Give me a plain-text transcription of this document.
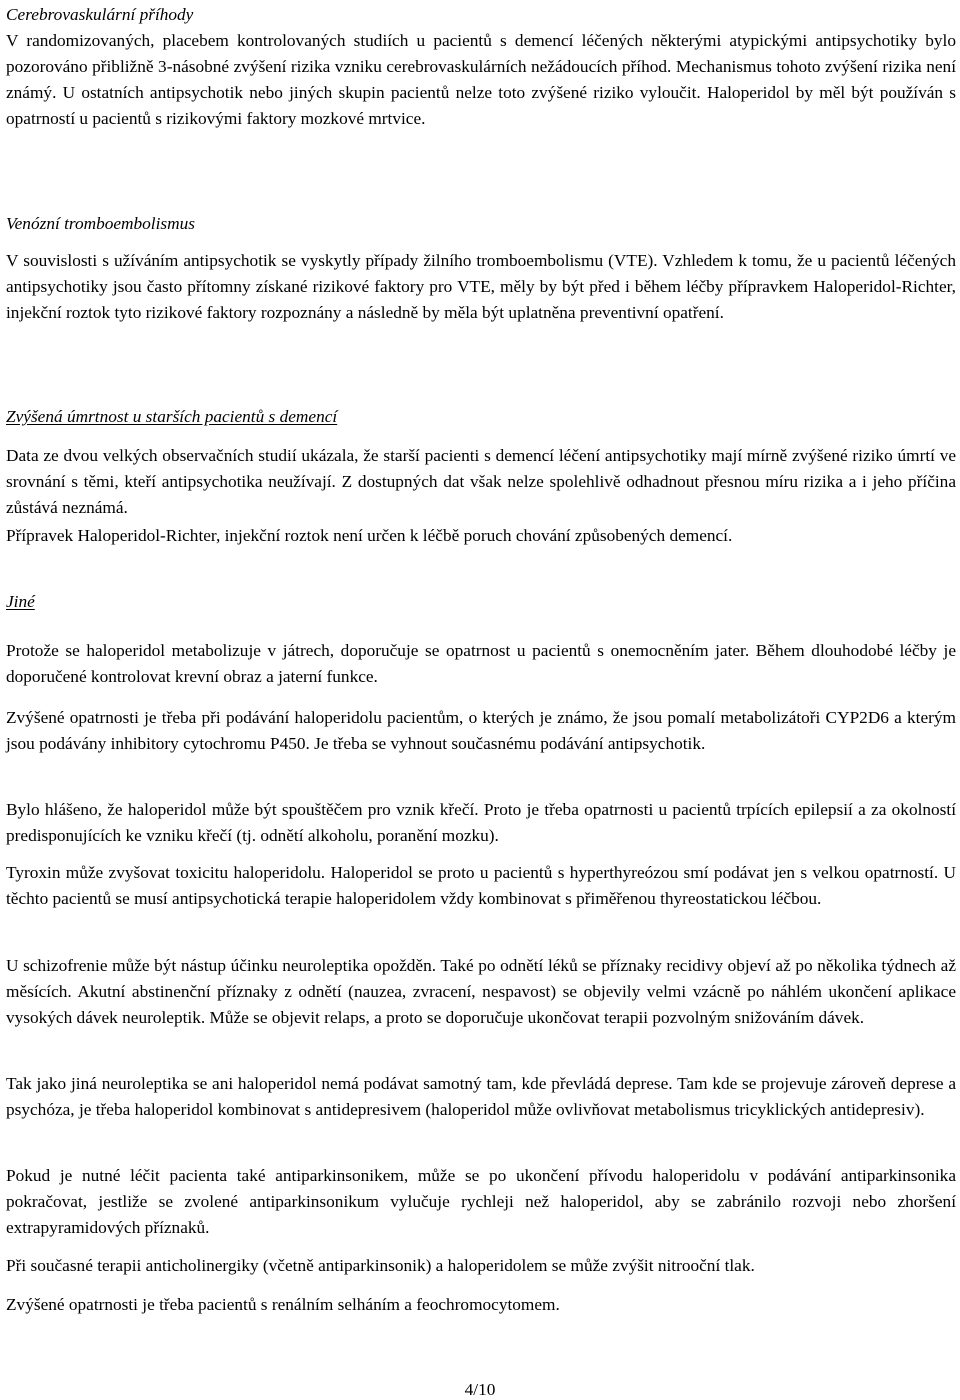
Cerebrovaskulární příhody

V randomizovaných, placebem kontrolovaných studiích u pacientů s demencí léčených některými atypickými antipsychotiky bylo pozorováno přibližně 3-násobné zvýšení rizika vzniku cerebrovaskulárních nežádoucích příhod. Mechanismus tohoto zvýšení rizika není známý. U ostatních antipsychotik nebo jiných skupin pacientů nelze toto zvýšené riziko vyloučit. Haloperidol by měl být používán s opatrností u pacientů s rizikovými faktory mozkové mrtvice.

Venózní tromboembolismus

V souvislosti s užíváním antipsychotik se vyskytly případy žilního tromboembolismu (VTE). Vzhledem k tomu, že u pacientů léčených antipsychotiky jsou často přítomny získané rizikové faktory pro VTE, měly by být před i během léčby přípravkem Haloperidol-Richter, injekční roztok tyto rizikové faktory rozpoznány a následně by měla být uplatněna preventivní opatření.

Zvýšená úmrtnost u starších pacientů s demencí

Data ze dvou velkých observačních studií ukázala, že starší pacienti s demencí léčení antipsychotiky mají mírně zvýšené riziko úmrtí ve srovnání s těmi, kteří antipsychotika neužívají. Z dostupných dat však nelze spolehlivě odhadnout přesnou míru rizika a i jeho příčina zůstává neznámá.

Přípravek Haloperidol-Richter, injekční roztok není určen k léčbě poruch chování způsobených demencí.

Jiné

Protože se haloperidol metabolizuje v játrech, doporučuje se opatrnost u pacientů s onemocněním jater. Během dlouhodobé léčby je doporučené kontrolovat krevní obraz a jaterní funkce.

Zvýšené opatrnosti je třeba při podávání haloperidolu pacientům, o kterých je známo, že jsou pomalí metabolizátoři CYP2D6 a kterým jsou podávány inhibitory cytochromu P450. Je třeba se vyhnout současnému podávání antipsychotik.

Bylo hlášeno, že haloperidol může být spouštěčem pro vznik křečí. Proto je třeba opatrnosti u pacientů trpících epilepsií a za okolností predisponujících ke vzniku křečí (tj. odnětí alkoholu, poranění mozku).

Tyroxin může zvyšovat toxicitu haloperidolu. Haloperidol se proto u pacientů s hyperthyreózou smí podávat jen s velkou opatrností. U těchto pacientů se musí antipsychotická terapie haloperidolem vždy kombinovat s přiměřenou thyreostatickou léčbou.

U schizofrenie může být nástup účinku neuroleptika opožděn. Také po odnětí léků se příznaky recidivy objeví až po několika týdnech až měsících. Akutní abstinenční příznaky z odnětí (nauzea, zvracení, nespavost) se objevily velmi vzácně po náhlém ukončení aplikace vysokých dávek neuroleptik. Může se objevit relaps, a proto se doporučuje ukončovat terapii pozvolným snižováním dávek.

Tak jako jiná neuroleptika se ani haloperidol nemá podávat samotný tam, kde převládá deprese. Tam kde se projevuje zároveň deprese a psychóza, je třeba haloperidol kombinovat s antidepresivem (haloperidol může ovlivňovat metabolismus tricyklických antidepresiv).

Pokud je nutné léčit pacienta také antiparkinsonikem, může se po ukončení přívodu haloperidolu v podávání antiparkinsonika pokračovat, jestliže se zvolené antiparkinsonikum vylučuje rychleji než haloperidol, aby se zabránilo rozvoji nebo zhoršení extrapyramidových příznaků.

Při současné terapii anticholinergiky (včetně antiparkinsonik) a haloperidolem se může zvýšit nitrooční tlak.

Zvýšené opatrnosti je třeba pacientů s renálním selháním a feochromocytomem.

4/10
